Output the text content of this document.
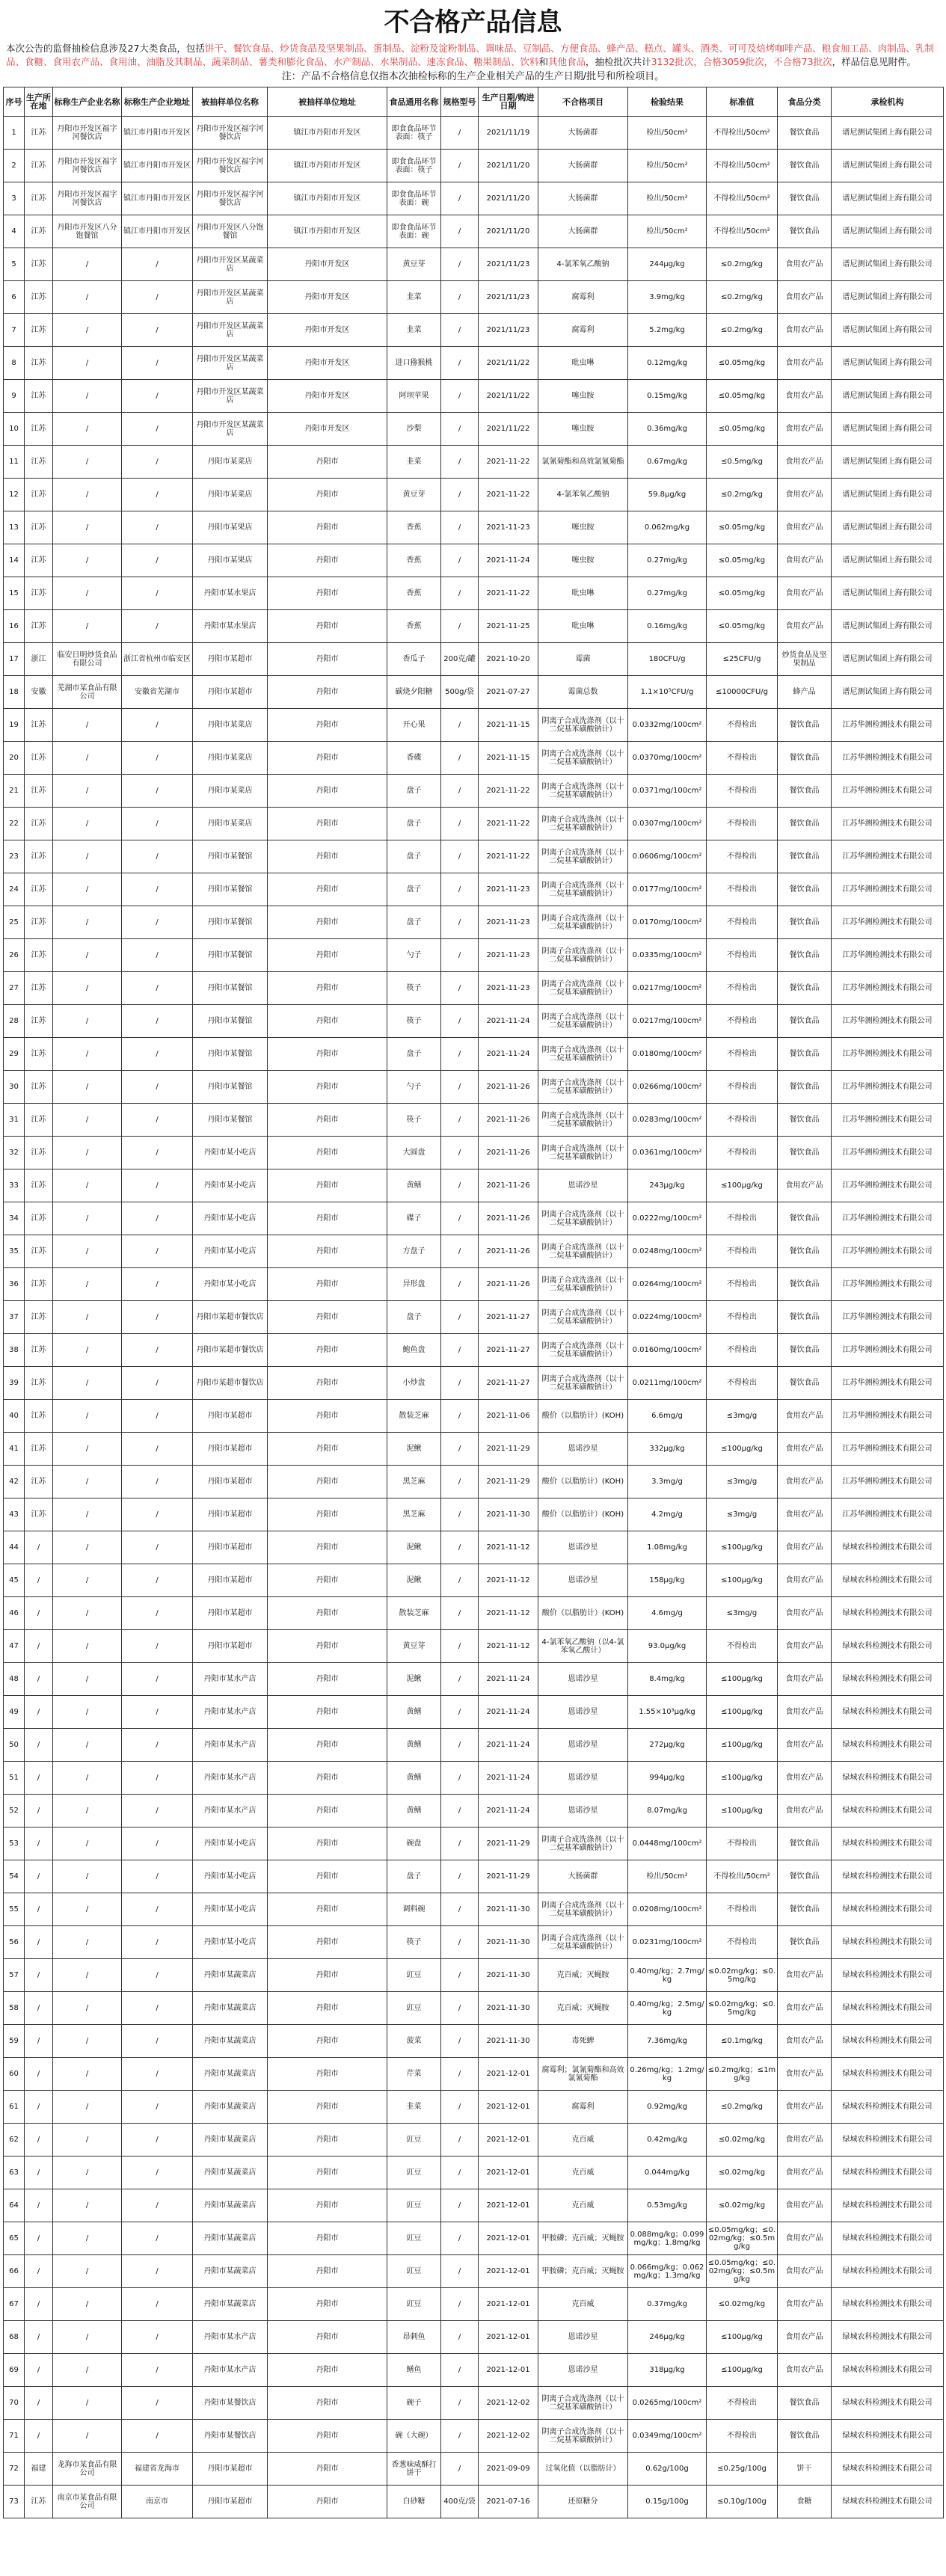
不合格产品信息
本次公告的监督抽检信息涉及27大类食品，包括饼干、餐饮食品、炒货食品及坚果制品、蛋制品、淀粉及淀粉制品、调味品、豆制品、方便食品、蜂产品、糕点、罐头、酒类、可可及焙烤咖啡产品、粮食加工品、肉制品、乳制品、食糖、食用农产品、食用油、油脂及其制品、蔬菜制品、薯类和膨化食品、水产制品、水果制品、速冻食品、糖果制品、饮料和其他食品，抽检批次共计3132批次，合格3059批次，不合格73批次，样品信息见附件。
注：产品不合格信息仅指本次抽检标称的生产企业相关产品的生产日期/批号和所检项目。
序号	生产所在地	标称生产企业名称	标称生产企业地址	被抽样单位名称	被抽样单位地址	食品通用名称	规格型号	生产日期/购进日期	不合格项目	检验结果	标准值	食品分类	承检机构
1	江苏	丹阳市开发区福字河餐饮店	镇江市丹阳市开发区	丹阳市开发区福字河餐饮店	镇江市丹阳市开发区	即食食品环节表面：筷子	/	2021/11/19	大肠菌群	检出/50cm²	不得检出/50cm²	餐饮食品	谱尼测试集团上海有限公司
2	江苏	丹阳市开发区福字河餐饮店	镇江市丹阳市开发区	丹阳市开发区福字河餐饮店	镇江市丹阳市开发区	即食食品环节表面：筷子	/	2021/11/20	大肠菌群	检出/50cm²	不得检出/50cm²	餐饮食品	谱尼测试集团上海有限公司
3	江苏	丹阳市开发区福字河餐饮店	镇江市丹阳市开发区	丹阳市开发区福字河餐饮店	镇江市丹阳市开发区	即食食品环节表面：碗	/	2021/11/20	大肠菌群	检出/50cm²	不得检出/50cm²	餐饮食品	谱尼测试集团上海有限公司
4	江苏	丹阳市开发区八分饱餐馆	镇江市丹阳市开发区	丹阳市开发区八分饱餐馆	镇江市丹阳市开发区	即食食品环节表面：碗	/	2021/11/20	大肠菌群	检出/50cm²	不得检出/50cm²	餐饮食品	谱尼测试集团上海有限公司
5	江苏	/	/	丹阳市开发区某蔬菜店	丹阳市开发区	黄豆芽	/	2021/11/23	4-氯苯氧乙酸钠	244μg/kg	≤0.2mg/kg	食用农产品	谱尼测试集团上海有限公司
6	江苏	/	/	丹阳市开发区某蔬菜店	丹阳市开发区	韭菜	/	2021/11/23	腐霉利	3.9mg/kg	≤0.2mg/kg	食用农产品	谱尼测试集团上海有限公司
7	江苏	/	/	丹阳市开发区某蔬菜店	丹阳市开发区	韭菜	/	2021/11/23	腐霉利	5.2mg/kg	≤0.2mg/kg	食用农产品	谱尼测试集团上海有限公司
8	江苏	/	/	丹阳市开发区某蔬菜店	丹阳市开发区	进口猕猴桃	/	2021/11/22	吡虫啉	0.12mg/kg	≤0.05mg/kg	食用农产品	谱尼测试集团上海有限公司
9	江苏	/	/	丹阳市开发区某蔬菜店	丹阳市开发区	阿坝苹果	/	2021/11/22	噻虫胺	0.15mg/kg	≤0.05mg/kg	食用农产品	谱尼测试集团上海有限公司
10	江苏	/	/	丹阳市开发区某蔬菜店	丹阳市开发区	沙梨	/	2021/11/22	噻虫胺	0.36mg/kg	≤0.05mg/kg	食用农产品	谱尼测试集团上海有限公司
11	江苏	/	/	丹阳市某菜店	丹阳市	韭菜	/	2021-11-22	氯氰菊酯和高效氯氰菊酯	0.67mg/kg	≤0.5mg/kg	食用农产品	谱尼测试集团上海有限公司
12	江苏	/	/	丹阳市某菜店	丹阳市	黄豆芽	/	2021-11-22	4-氯苯氧乙酸钠	59.8μg/kg	≤0.2mg/kg	食用农产品	谱尼测试集团上海有限公司
13	江苏	/	/	丹阳市某果店	丹阳市	香蕉	/	2021-11-23	噻虫胺	0.062mg/kg	≤0.05mg/kg	食用农产品	谱尼测试集团上海有限公司
14	江苏	/	/	丹阳市某果店	丹阳市	香蕉	/	2021-11-24	噻虫胺	0.27mg/kg	≤0.05mg/kg	食用农产品	谱尼测试集团上海有限公司
15	江苏	/	/	丹阳市某水果店	丹阳市	香蕉	/	2021-11-22	吡虫啉	0.27mg/kg	≤0.05mg/kg	食用农产品	谱尼测试集团上海有限公司
16	江苏	/	/	丹阳市某水果店	丹阳市	香蕉	/	2021-11-25	吡虫啉	0.16mg/kg	≤0.05mg/kg	食用农产品	谱尼测试集团上海有限公司
17	浙江	临安日明炒货食品有限公司	浙江省杭州市临安区	丹阳市某超市	丹阳市	香瓜子	200克/罐	2021-10-20	霉菌	180CFU/g	≤25CFU/g	炒货食品及坚果制品	谱尼测试集团上海有限公司
18	安徽	芜湖市某食品有限公司	安徽省芜湖市	丹阳市某超市	丹阳市	碳烧夕阳糖	500g/袋	2021-07-27	霉菌总数	1.1×10⁵CFU/g	≤10000CFU/g	蜂产品	谱尼测试集团上海有限公司
19	江苏	/	/	丹阳市某菜店	丹阳市	开心果	/	2021-11-15	阴离子合成洗涤剂（以十二烷基苯磺酸钠计）	0.0332mg/100cm²	不得检出	餐饮食品	江苏华测检测技术有限公司
20	江苏	/	/	丹阳市某菜店	丹阳市	香碟	/	2021-11-15	阴离子合成洗涤剂（以十二烷基苯磺酸钠计）	0.0370mg/100cm²	不得检出	餐饮食品	江苏华测检测技术有限公司
21	江苏	/	/	丹阳市某菜店	丹阳市	盘子	/	2021-11-22	阴离子合成洗涤剂（以十二烷基苯磺酸钠计）	0.0371mg/100cm²	不得检出	餐饮食品	江苏华测检测技术有限公司
22	江苏	/	/	丹阳市某菜店	丹阳市	盘子	/	2021-11-22	阴离子合成洗涤剂（以十二烷基苯磺酸钠计）	0.0307mg/100cm²	不得检出	餐饮食品	江苏华测检测技术有限公司
23	江苏	/	/	丹阳市某餐馆	丹阳市	盘子	/	2021-11-22	阴离子合成洗涤剂（以十二烷基苯磺酸钠计）	0.0606mg/100cm²	不得检出	餐饮食品	江苏华测检测技术有限公司
24	江苏	/	/	丹阳市某餐馆	丹阳市	盘子	/	2021-11-23	阴离子合成洗涤剂（以十二烷基苯磺酸钠计）	0.0177mg/100cm²	不得检出	餐饮食品	江苏华测检测技术有限公司
25	江苏	/	/	丹阳市某餐馆	丹阳市	盘子	/	2021-11-23	阴离子合成洗涤剂（以十二烷基苯磺酸钠计）	0.0170mg/100cm²	不得检出	餐饮食品	江苏华测检测技术有限公司
26	江苏	/	/	丹阳市某餐馆	丹阳市	勺子	/	2021-11-23	阴离子合成洗涤剂（以十二烷基苯磺酸钠计）	0.0335mg/100cm²	不得检出	餐饮食品	江苏华测检测技术有限公司
27	江苏	/	/	丹阳市某餐馆	丹阳市	筷子	/	2021-11-23	阴离子合成洗涤剂（以十二烷基苯磺酸钠计）	0.0217mg/100cm²	不得检出	餐饮食品	江苏华测检测技术有限公司
28	江苏	/	/	丹阳市某餐馆	丹阳市	筷子	/	2021-11-24	阴离子合成洗涤剂（以十二烷基苯磺酸钠计）	0.0217mg/100cm²	不得检出	餐饮食品	江苏华测检测技术有限公司
29	江苏	/	/	丹阳市某餐馆	丹阳市	盘子	/	2021-11-24	阴离子合成洗涤剂（以十二烷基苯磺酸钠计）	0.0180mg/100cm²	不得检出	餐饮食品	江苏华测检测技术有限公司
30	江苏	/	/	丹阳市某餐馆	丹阳市	勺子	/	2021-11-26	阴离子合成洗涤剂（以十二烷基苯磺酸钠计）	0.0266mg/100cm²	不得检出	餐饮食品	江苏华测检测技术有限公司
31	江苏	/	/	丹阳市某餐馆	丹阳市	筷子	/	2021-11-26	阴离子合成洗涤剂（以十二烷基苯磺酸钠计）	0.0283mg/100cm²	不得检出	餐饮食品	江苏华测检测技术有限公司
32	江苏	/	/	丹阳市某小吃店	丹阳市	大圆盘	/	2021-11-26	阴离子合成洗涤剂（以十二烷基苯磺酸钠计）	0.0361mg/100cm²	不得检出	餐饮食品	江苏华测检测技术有限公司
33	江苏	/	/	丹阳市某小吃店	丹阳市	黄鳝	/	2021-11-26	恩诺沙星	243μg/kg	≤100μg/kg	食用农产品	江苏华测检测技术有限公司
34	江苏	/	/	丹阳市某小吃店	丹阳市	碟子	/	2021-11-26	阴离子合成洗涤剂（以十二烷基苯磺酸钠计）	0.0222mg/100cm²	不得检出	餐饮食品	江苏华测检测技术有限公司
35	江苏	/	/	丹阳市某小吃店	丹阳市	方盘子	/	2021-11-26	阴离子合成洗涤剂（以十二烷基苯磺酸钠计）	0.0248mg/100cm²	不得检出	餐饮食品	江苏华测检测技术有限公司
36	江苏	/	/	丹阳市某小吃店	丹阳市	异形盘	/	2021-11-26	阴离子合成洗涤剂（以十二烷基苯磺酸钠计）	0.0264mg/100cm²	不得检出	餐饮食品	江苏华测检测技术有限公司
37	江苏	/	/	丹阳市某超市餐饮店	丹阳市	盘子	/	2021-11-27	阴离子合成洗涤剂（以十二烷基苯磺酸钠计）	0.0224mg/100cm²	不得检出	餐饮食品	江苏华测检测技术有限公司
38	江苏	/	/	丹阳市某超市餐饮店	丹阳市	鲍鱼盘	/	2021-11-27	阴离子合成洗涤剂（以十二烷基苯磺酸钠计）	0.0160mg/100cm²	不得检出	餐饮食品	江苏华测检测技术有限公司
39	江苏	/	/	丹阳市某超市餐饮店	丹阳市	小炒盘	/	2021-11-27	阴离子合成洗涤剂（以十二烷基苯磺酸钠计）	0.0211mg/100cm²	不得检出	餐饮食品	江苏华测检测技术有限公司
40	江苏	/	/	丹阳市某超市	丹阳市	散装芝麻	/	2021-11-06	酸价（以脂肪计）(KOH)	6.6mg/g	≤3mg/g	食用农产品	江苏华测检测技术有限公司
41	江苏	/	/	丹阳市某超市	丹阳市	泥鳅	/	2021-11-29	恩诺沙星	332μg/kg	≤100μg/kg	食用农产品	江苏华测检测技术有限公司
42	江苏	/	/	丹阳市某超市	丹阳市	黑芝麻	/	2021-11-29	酸价（以脂肪计）(KOH)	3.3mg/g	≤3mg/g	食用农产品	江苏华测检测技术有限公司
43	江苏	/	/	丹阳市某超市	丹阳市	黑芝麻	/	2021-11-30	酸价（以脂肪计）(KOH)	4.2mg/g	≤3mg/g	食用农产品	江苏华测检测技术有限公司
44	/	/	/	丹阳市某超市	丹阳市	泥鳅	/	2021-11-12	恩诺沙星	1.08mg/kg	≤100μg/kg	食用农产品	绿城农科检测技术有限公司
45	/	/	/	丹阳市某超市	丹阳市	泥鳅	/	2021-11-12	恩诺沙星	158μg/kg	≤100μg/kg	食用农产品	绿城农科检测技术有限公司
46	/	/	/	丹阳市某超市	丹阳市	散装芝麻	/	2021-11-12	酸价（以脂肪计）(KOH)	4.6mg/g	≤3mg/g	食用农产品	绿城农科检测技术有限公司
47	/	/	/	丹阳市某超市	丹阳市	黄豆芽	/	2021-11-12	4-氯苯氧乙酸钠（以4-氯苯氧乙酸计）	93.0μg/kg	不得检出	食用农产品	绿城农科检测技术有限公司
48	/	/	/	丹阳市某水产店	丹阳市	泥鳅	/	2021-11-24	恩诺沙星	8.4mg/kg	≤100μg/kg	食用农产品	绿城农科检测技术有限公司
49	/	/	/	丹阳市某水产店	丹阳市	黄鳝	/	2021-11-24	恩诺沙星	1.55×10³μg/kg	≤100μg/kg	食用农产品	绿城农科检测技术有限公司
50	/	/	/	丹阳市某水产店	丹阳市	黄鳝	/	2021-11-24	恩诺沙星	272μg/kg	≤100μg/kg	食用农产品	绿城农科检测技术有限公司
51	/	/	/	丹阳市某水产店	丹阳市	黄鳝	/	2021-11-24	恩诺沙星	994μg/kg	≤100μg/kg	食用农产品	绿城农科检测技术有限公司
52	/	/	/	丹阳市某水产店	丹阳市	黄鳝	/	2021-11-24	恩诺沙星	8.07mg/kg	≤100μg/kg	食用农产品	绿城农科检测技术有限公司
53	/	/	/	丹阳市某小吃店	丹阳市	碗盘	/	2021-11-29	阴离子合成洗涤剂（以十二烷基苯磺酸钠计）	0.0448mg/100cm²	不得检出	餐饮食品	绿城农科检测技术有限公司
54	/	/	/	丹阳市某小吃店	丹阳市	盘子	/	2021-11-29	大肠菌群	检出/50cm²	不得检出/50cm²	餐饮食品	绿城农科检测技术有限公司
55	/	/	/	丹阳市某小吃店	丹阳市	调料碗	/	2021-11-30	阴离子合成洗涤剂（以十二烷基苯磺酸钠计）	0.0208mg/100cm²	不得检出	餐饮食品	绿城农科检测技术有限公司
56	/	/	/	丹阳市某小吃店	丹阳市	筷子	/	2021-11-30	阴离子合成洗涤剂（以十二烷基苯磺酸钠计）	0.0231mg/100cm²	不得检出	餐饮食品	绿城农科检测技术有限公司
57	/	/	/	丹阳市某蔬菜店	丹阳市	豇豆	/	2021-11-30	克百威；灭蝇胺	0.40mg/kg；2.7mg/kg	≤0.02mg/kg；≤0.5mg/kg	食用农产品	绿城农科检测技术有限公司
58	/	/	/	丹阳市某蔬菜店	丹阳市	豇豆	/	2021-11-30	克百威；灭蝇胺	0.40mg/kg；2.5mg/kg	≤0.02mg/kg；≤0.5mg/kg	食用农产品	绿城农科检测技术有限公司
59	/	/	/	丹阳市某蔬菜店	丹阳市	菠菜	/	2021-11-30	毒死蜱	7.36mg/kg	≤0.1mg/kg	食用农产品	绿城农科检测技术有限公司
60	/	/	/	丹阳市某蔬菜店	丹阳市	芹菜	/	2021-12-01	腐霉利；氯氰菊酯和高效氯氰菊酯	0.26mg/kg；1.2mg/kg	≤0.2mg/kg；≤1mg/kg	食用农产品	绿城农科检测技术有限公司
61	/	/	/	丹阳市某蔬菜店	丹阳市	韭菜	/	2021-12-01	腐霉利	0.92mg/kg	≤0.2mg/kg	食用农产品	绿城农科检测技术有限公司
62	/	/	/	丹阳市某蔬菜店	丹阳市	豇豆	/	2021-12-01	克百威	0.42mg/kg	≤0.02mg/kg	食用农产品	绿城农科检测技术有限公司
63	/	/	/	丹阳市某蔬菜店	丹阳市	豇豆	/	2021-12-01	克百威	0.044mg/kg	≤0.02mg/kg	食用农产品	绿城农科检测技术有限公司
64	/	/	/	丹阳市某蔬菜店	丹阳市	豇豆	/	2021-12-01	克百威	0.53mg/kg	≤0.02mg/kg	食用农产品	绿城农科检测技术有限公司
65	/	/	/	丹阳市某蔬菜店	丹阳市	豇豆	/	2021-12-01	甲胺磷；克百威；灭蝇胺	0.088mg/kg；0.099mg/kg；1.8mg/kg	≤0.05mg/kg；≤0.02mg/kg；≤0.5mg/kg	食用农产品	绿城农科检测技术有限公司
66	/	/	/	丹阳市某蔬菜店	丹阳市	豇豆	/	2021-12-01	甲胺磷；克百威；灭蝇胺	0.066mg/kg；0.062mg/kg；1.3mg/kg	≤0.05mg/kg；≤0.02mg/kg；≤0.5mg/kg	食用农产品	绿城农科检测技术有限公司
67	/	/	/	丹阳市某蔬菜店	丹阳市	豇豆	/	2021-12-01	克百威	0.37mg/kg	≤0.02mg/kg	食用农产品	绿城农科检测技术有限公司
68	/	/	/	丹阳市某水产店	丹阳市	昂刺鱼	/	2021-12-01	恩诺沙星	246μg/kg	≤100μg/kg	食用农产品	绿城农科检测技术有限公司
69	/	/	/	丹阳市某水产店	丹阳市	鳝鱼	/	2021-12-01	恩诺沙星	318μg/kg	≤100μg/kg	食用农产品	绿城农科检测技术有限公司
70	/	/	/	丹阳市某餐饮店	丹阳市	碗子	/	2021-12-02	阴离子合成洗涤剂（以十二烷基苯磺酸钠计）	0.0265mg/100cm²	不得检出	餐饮食品	绿城农科检测技术有限公司
71	/	/	/	丹阳市某餐饮店	丹阳市	碗（大碗）	/	2021-12-02	阴离子合成洗涤剂（以十二烷基苯磺酸钠计）	0.0349mg/100cm²	不得检出	餐饮食品	绿城农科检测技术有限公司
72	福建	龙海市某食品有限公司	福建省龙海市	丹阳市某超市	丹阳市	香葱味咸酥打饼干	/	2021-09-09	过氧化值（以脂肪计）	0.62g/100g	≤0.25g/100g	饼干	绿城农科检测技术有限公司
73	江苏	南京市某食品有限公司	南京市	丹阳市某超市	丹阳市	白砂糖	400克/袋	2021-07-16	还原糖分	0.15g/100g	≤0.10g/100g	食糖	绿城农科检测技术有限公司
